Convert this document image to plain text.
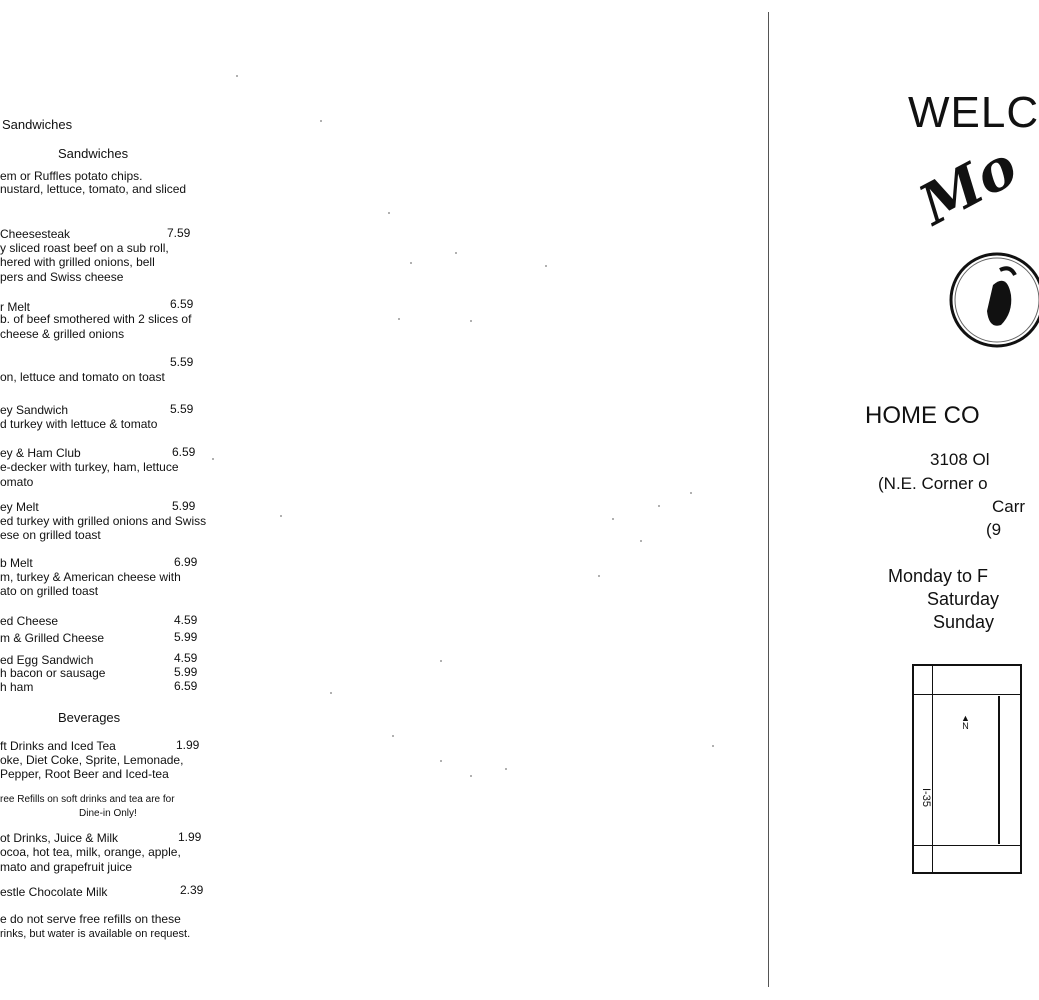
Sandwiches
Sandwiches
em or Ruffles potato chips.
nustard, lettuce, tomato, and sliced
Cheesesteak	7.59
y sliced roast beef on a sub roll,
hered with grilled onions, bell
pers and Swiss cheese
r Melt	6.59
b. of beef smothered with 2 slices of
cheese & grilled onions
5.59
on, lettuce and tomato on toast
ey Sandwich	5.59
d turkey with lettuce & tomato
ey & Ham Club	6.59
e-decker with turkey, ham, lettuce
omato
ey Melt	5.99
ed turkey with grilled onions and Swiss
ese on grilled toast
b Melt	6.99
m, turkey & American cheese with
ato on grilled toast
ed Cheese	4.59
m & Grilled Cheese	5.99
ed Egg Sandwich	4.59
h bacon or sausage	5.99
h ham	6.59
Beverages
ft Drinks and Iced Tea	1.99
oke, Diet Coke, Sprite, Lemonade,
Pepper, Root Beer and Iced-tea
ree Refills on soft drinks and tea are for
Dine-in Only!
ot Drinks, Juice & Milk	1.99
ocoa, hot tea, milk, orange, apple,
mato and grapefruit juice
estle Chocolate Milk	2.39
e do not serve free refills on these
rinks, but water is available on request.
WELC
Mo
HOME CO
3108 Ol
(N.E. Corner o
Carr
(9
Monday to F
Saturday
Sunday
▲
N
I-35
